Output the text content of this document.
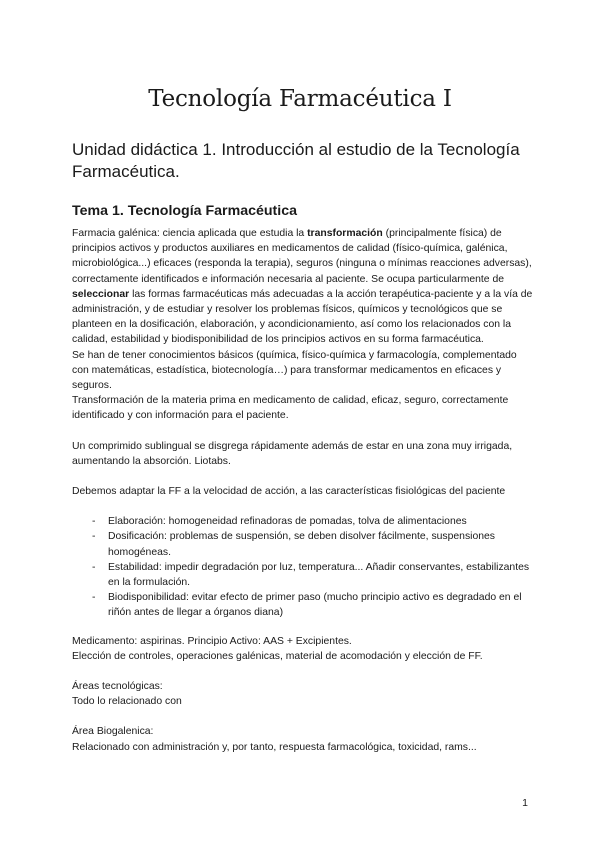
Tecnología Farmacéutica I
Unidad didáctica 1. Introducción al estudio de la Tecnología Farmacéutica.
Tema 1. Tecnología Farmacéutica

Farmacia galénica: ciencia aplicada que estudia la transformación (principalmente física) de principios activos y productos auxiliares en medicamentos de calidad (físico-química, galénica, microbiológica...) eficaces (responda la terapia), seguros (ninguna o mínimas reacciones adversas), correctamente identificados e información necesaria al paciente. Se ocupa particularmente de seleccionar las formas farmacéuticas más adecuadas a la acción terapéutica-paciente y a la vía de administración, y de estudiar y resolver los problemas físicos, químicos y tecnológicos que se planteen en la dosificación, elaboración, y acondicionamiento, así como los relacionados con la calidad, estabilidad y biodisponibilidad de los principios activos en su forma farmacéutica.

Se han de tener conocimientos básicos (química, físico-química y farmacología, complementado con matemáticas, estadística, biotecnología…) para transformar medicamentos en eficaces y seguros.

Transformación de la materia prima en medicamento de calidad, eficaz, seguro, correctamente identificado y con información para el paciente.

Un comprimido sublingual se disgrega rápidamente además de estar en una zona muy irrigada, aumentando la absorción. Liotabs.

Debemos adaptar la FF a la velocidad de acción, a las características fisiológicas del paciente

- Elaboración: homogeneidad refinadoras de pomadas, tolva de alimentaciones
- Dosificación: problemas de suspensión, se deben disolver fácilmente, suspensiones homogéneas.
- Estabilidad: impedir degradación por luz, temperatura... Añadir conservantes, estabilizantes en la formulación.
- Biodisponibilidad: evitar efecto de primer paso (mucho principio activo es degradado en el riñón antes de llegar a órganos diana)

Medicamento: aspirinas. Principio Activo: AAS + Excipientes.

Elección de controles, operaciones galénicas, material de acomodación y elección de FF.

Áreas tecnológicas:

Todo lo relacionado con

Área Biogalenica:

Relacionado con administración y, por tanto, respuesta farmacológica, toxicidad, rams...

1
